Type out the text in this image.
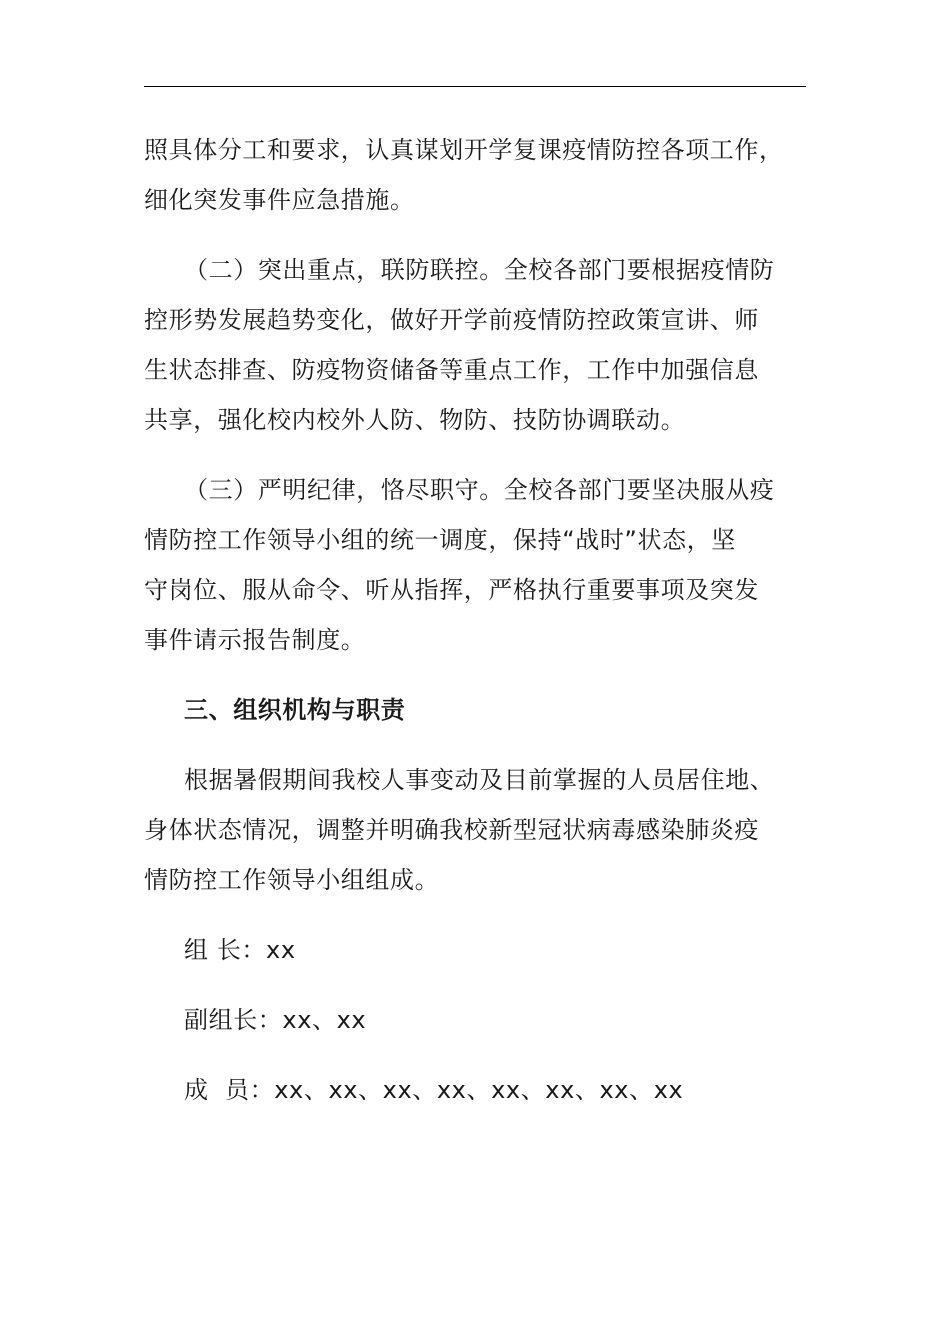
照具体分工和要求，认真谋划开学复课疫情防控各项工作，
细化突发事件应急措施。

（二）突出重点，联防联控。全校各部门要根据疫情防
控形势发展趋势变化，做好开学前疫情防控政策宣讲、师
生状态排查、防疫物资储备等重点工作，工作中加强信息
共享，强化校内校外人防、物防、技防协调联动。

（三）严明纪律，恪尽职守。全校各部门要坚决服从疫
情防控工作领导小组的统一调度，保持“战时”状态，坚
守岗位、服从命令、听从指挥，严格执行重要事项及突发
事件请示报告制度。

三、组织机构与职责

根据暑假期间我校人事变动及目前掌握的人员居住地、
身体状态情况，调整并明确我校新型冠状病毒感染肺炎疫
情防控工作领导小组组成。

组 长：xx

副组长：xx、xx

成  员：xx、xx、xx、xx、xx、xx、xx、xx
